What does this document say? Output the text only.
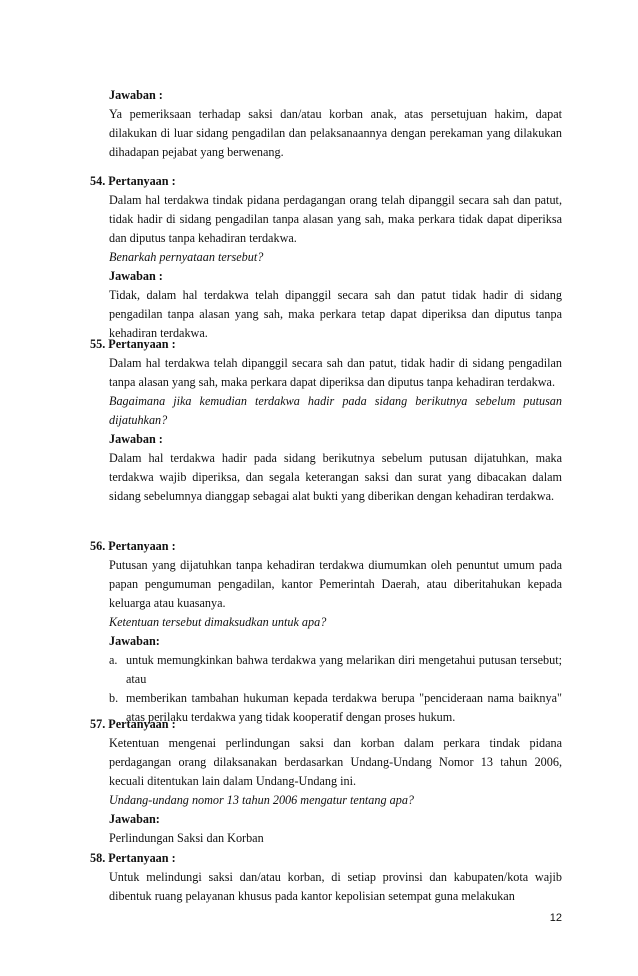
Jawaban :
Ya pemeriksaan terhadap saksi dan/atau korban anak, atas persetujuan hakim, dapat dilakukan di luar sidang pengadilan dan pelaksanaannya dengan perekaman yang dilakukan dihadapan pejabat yang berwenang.
54. Pertanyaan :
Dalam hal terdakwa tindak pidana perdagangan orang telah dipanggil secara sah dan patut, tidak hadir di sidang pengadilan tanpa alasan yang sah, maka perkara tidak dapat diperiksa dan diputus tanpa kehadiran terdakwa.
Benarkah pernyataan tersebut?
Jawaban :
Tidak, dalam hal terdakwa telah dipanggil secara sah dan patut tidak hadir di sidang pengadilan tanpa alasan yang sah, maka perkara tetap dapat diperiksa dan diputus tanpa kehadiran terdakwa.
55. Pertanyaan :
Dalam hal terdakwa telah dipanggil secara sah dan patut, tidak hadir di sidang pengadilan tanpa alasan yang sah, maka perkara dapat diperiksa dan diputus tanpa kehadiran terdakwa.
Bagaimana jika kemudian terdakwa hadir pada sidang berikutnya sebelum putusan dijatuhkan?
Jawaban :
Dalam hal terdakwa hadir pada sidang berikutnya sebelum putusan dijatuhkan, maka terdakwa wajib diperiksa, dan segala keterangan saksi dan surat yang dibacakan dalam sidang sebelumnya dianggap sebagai alat bukti yang diberikan dengan kehadiran terdakwa.
56. Pertanyaan :
Putusan yang dijatuhkan tanpa kehadiran terdakwa diumumkan oleh penuntut umum pada papan pengumuman pengadilan, kantor Pemerintah Daerah, atau diberitahukan kepada keluarga atau kuasanya.
Ketentuan tersebut dimaksudkan untuk apa?
Jawaban:
a. untuk memungkinkan bahwa terdakwa yang melarikan diri mengetahui putusan tersebut; atau
b. memberikan tambahan hukuman kepada terdakwa berupa "pencideraan nama baiknya" atas perilaku terdakwa yang tidak kooperatif dengan proses hukum.
57. Pertanyaan :
Ketentuan mengenai perlindungan saksi dan korban dalam perkara tindak pidana perdagangan orang dilaksanakan berdasarkan Undang-Undang Nomor 13 tahun 2006, kecuali ditentukan lain dalam Undang-Undang ini.
Undang-undang nomor 13 tahun 2006 mengatur tentang apa?
Jawaban:
Perlindungan Saksi dan Korban
58. Pertanyaan :
Untuk melindungi saksi dan/atau korban, di setiap provinsi dan kabupaten/kota wajib dibentuk ruang pelayanan khusus pada kantor kepolisian setempat guna melakukan
12
